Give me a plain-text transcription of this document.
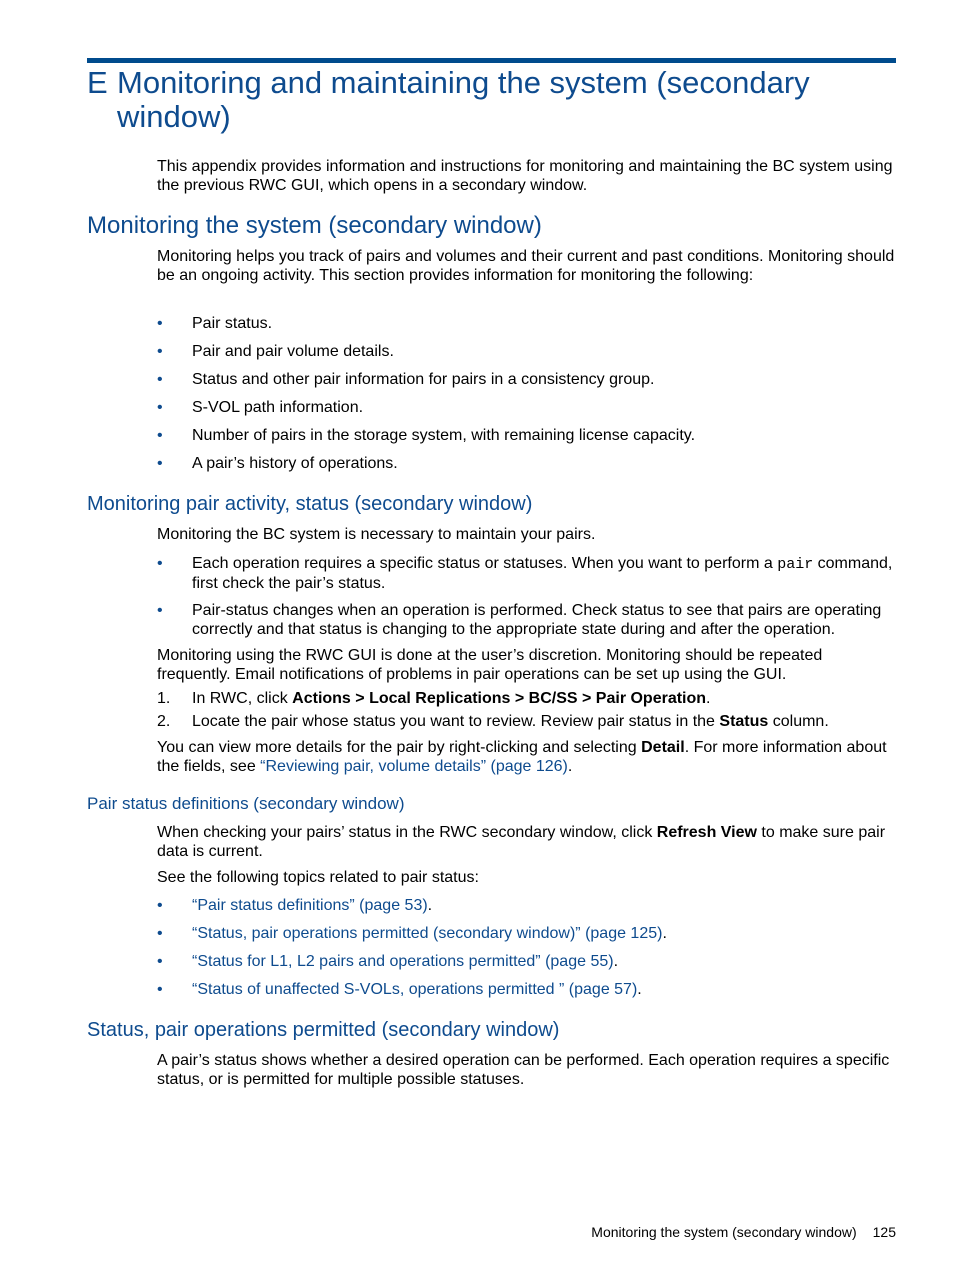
E Monitoring and maintaining the system (secondary window)

This appendix provides information and instructions for monitoring and maintaining the BC system using the previous RWC GUI, which opens in a secondary window.

Monitoring the system (secondary window)

Monitoring helps you track of pairs and volumes and their current and past conditions. Monitoring should be an ongoing activity. This section provides information for monitoring the following:

• Pair status.
• Pair and pair volume details.
• Status and other pair information for pairs in a consistency group.
• S-VOL path information.
• Number of pairs in the storage system, with remaining license capacity.
• A pair’s history of operations.
Monitoring pair activity, status (secondary window)

Monitoring the BC system is necessary to maintain your pairs.

• Each operation requires a specific status or statuses. When you want to perform a pair command, first check the pair’s status.
• Pair-status changes when an operation is performed. Check status to see that pairs are operating correctly and that status is changing to the appropriate state during and after the operation.

Monitoring using the RWC GUI is done at the user’s discretion. Monitoring should be repeated frequently. Email notifications of problems in pair operations can be set up using the GUI.

1. In RWC, click Actions > Local Replications > BC/SS > Pair Operation.
2. Locate the pair whose status you want to review. Review pair status in the Status column.

You can view more details for the pair by right-clicking and selecting Detail. For more information about the fields, see “Reviewing pair, volume details” (page 126).

Pair status definitions (secondary window)

When checking your pairs’ status in the RWC secondary window, click Refresh View to make sure pair data is current.

See the following topics related to pair status:

• “Pair status definitions” (page 53).
• “Status, pair operations permitted (secondary window)” (page 125).
• “Status for L1, L2 pairs and operations permitted” (page 55).
• “Status of unaffected S-VOLs, operations permitted ” (page 57).
Status, pair operations permitted (secondary window)

A pair’s status shows whether a desired operation can be performed. Each operation requires a specific status, or is permitted for multiple possible statuses.

Monitoring the system (secondary window) 125
